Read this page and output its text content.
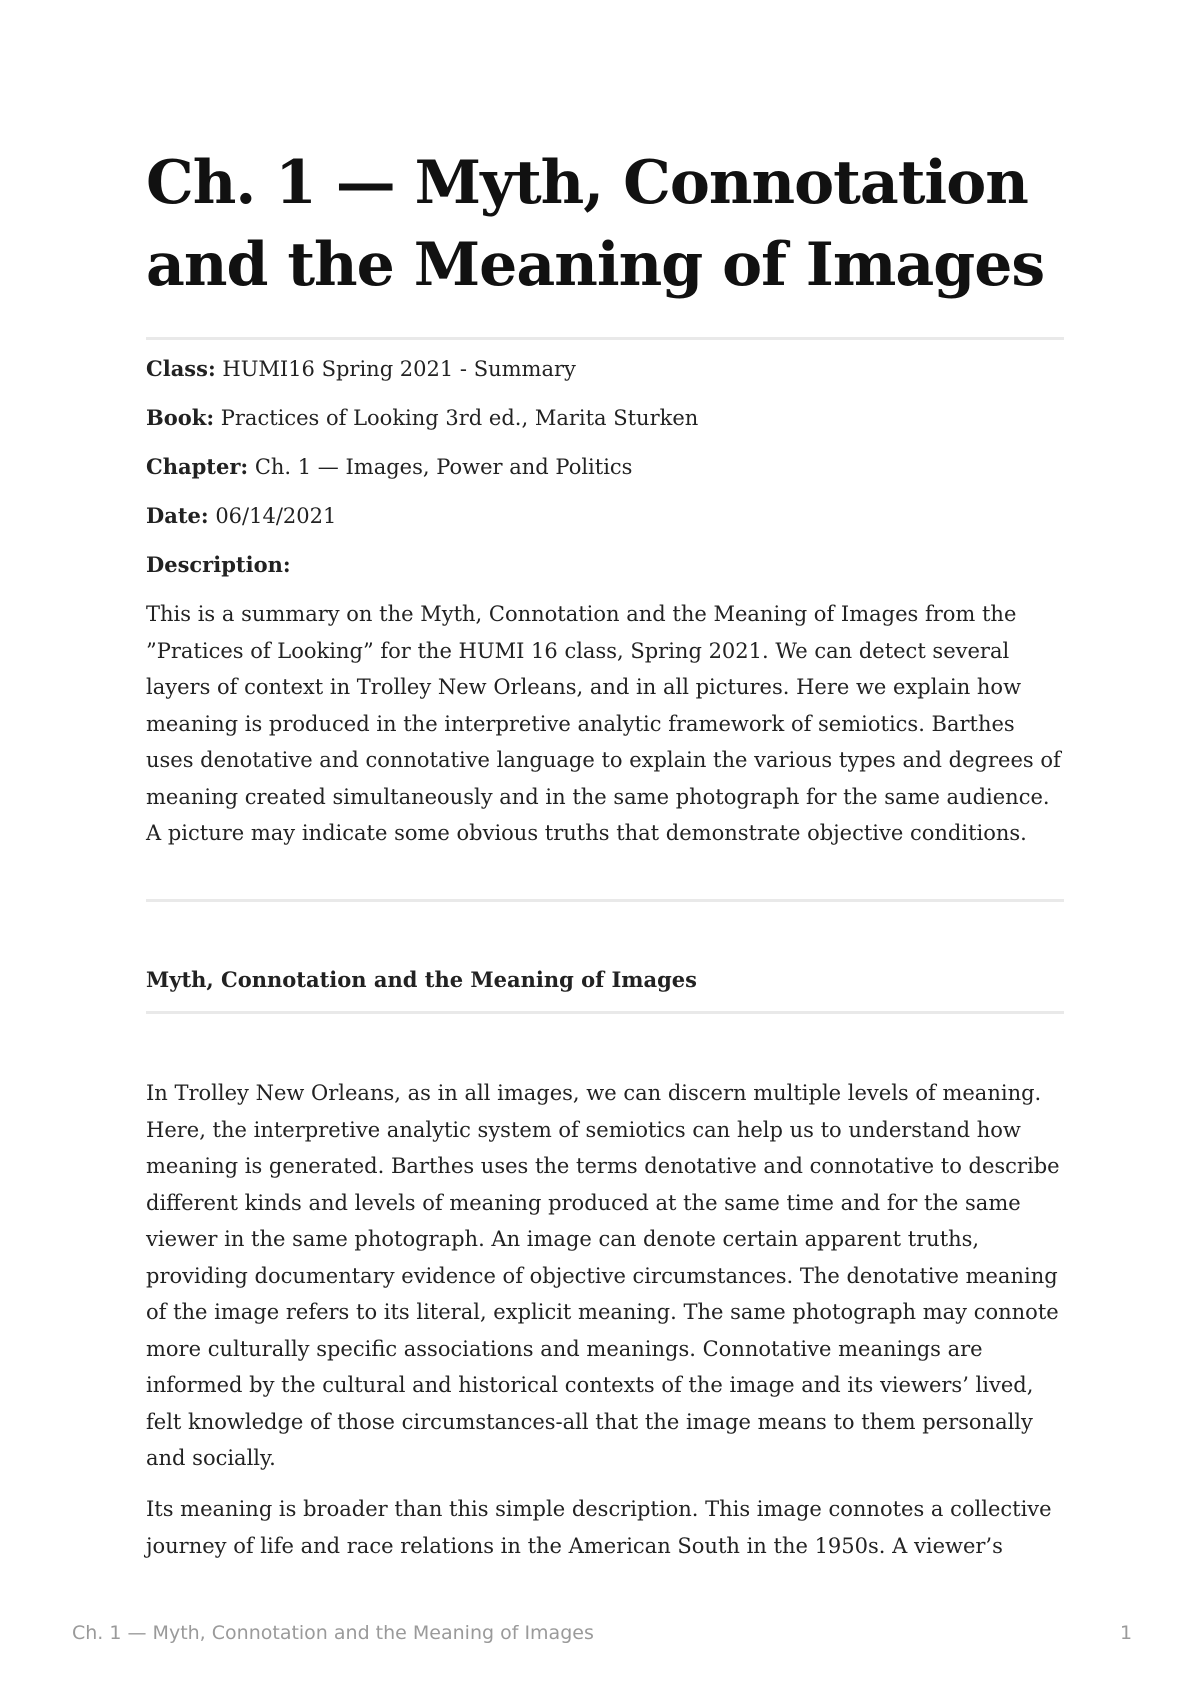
Ch. 1 — Myth, Connotation and the Meaning of Images
Class: HUMI16 Spring 2021 - Summary
Book: Practices of Looking 3rd ed., Marita Sturken
Chapter: Ch. 1 — Images, Power and Politics
Date: 06/14/2021
Description:

This is a summary on the Myth, Connotation and the Meaning of Images from the ”Pratices of Looking” for the HUMI 16 class, Spring 2021. We can detect several layers of context in Trolley New Orleans, and in all pictures. Here we explain how meaning is produced in the interpretive analytic framework of semiotics. Barthes uses denotative and connotative language to explain the various types and degrees of meaning created simultaneously and in the same photograph for the same audience. A picture may indicate some obvious truths that demonstrate objective conditions.

Myth, Connotation and the Meaning of Images

In Trolley New Orleans, as in all images, we can discern multiple levels of meaning. Here, the interpretive analytic system of semiotics can help us to understand how meaning is generated. Barthes uses the terms denotative and connotative to describe different kinds and levels of meaning produced at the same time and for the same viewer in the same photograph. An image can denote certain apparent truths, providing documentary evidence of objective circumstances. The denotative meaning of the image refers to its literal, explicit meaning. The same photograph may connote more culturally specific associations and meanings. Connotative meanings are informed by the cultural and historical contexts of the image and its viewers’ lived, felt knowledge of those circumstances-all that the image means to them personally and socially.

Its meaning is broader than this simple description. This image connotes a collective journey of life and race relations in the American South in the 1950s. A viewer’s

Ch. 1 — Myth, Connotation and the Meaning of Images	1
